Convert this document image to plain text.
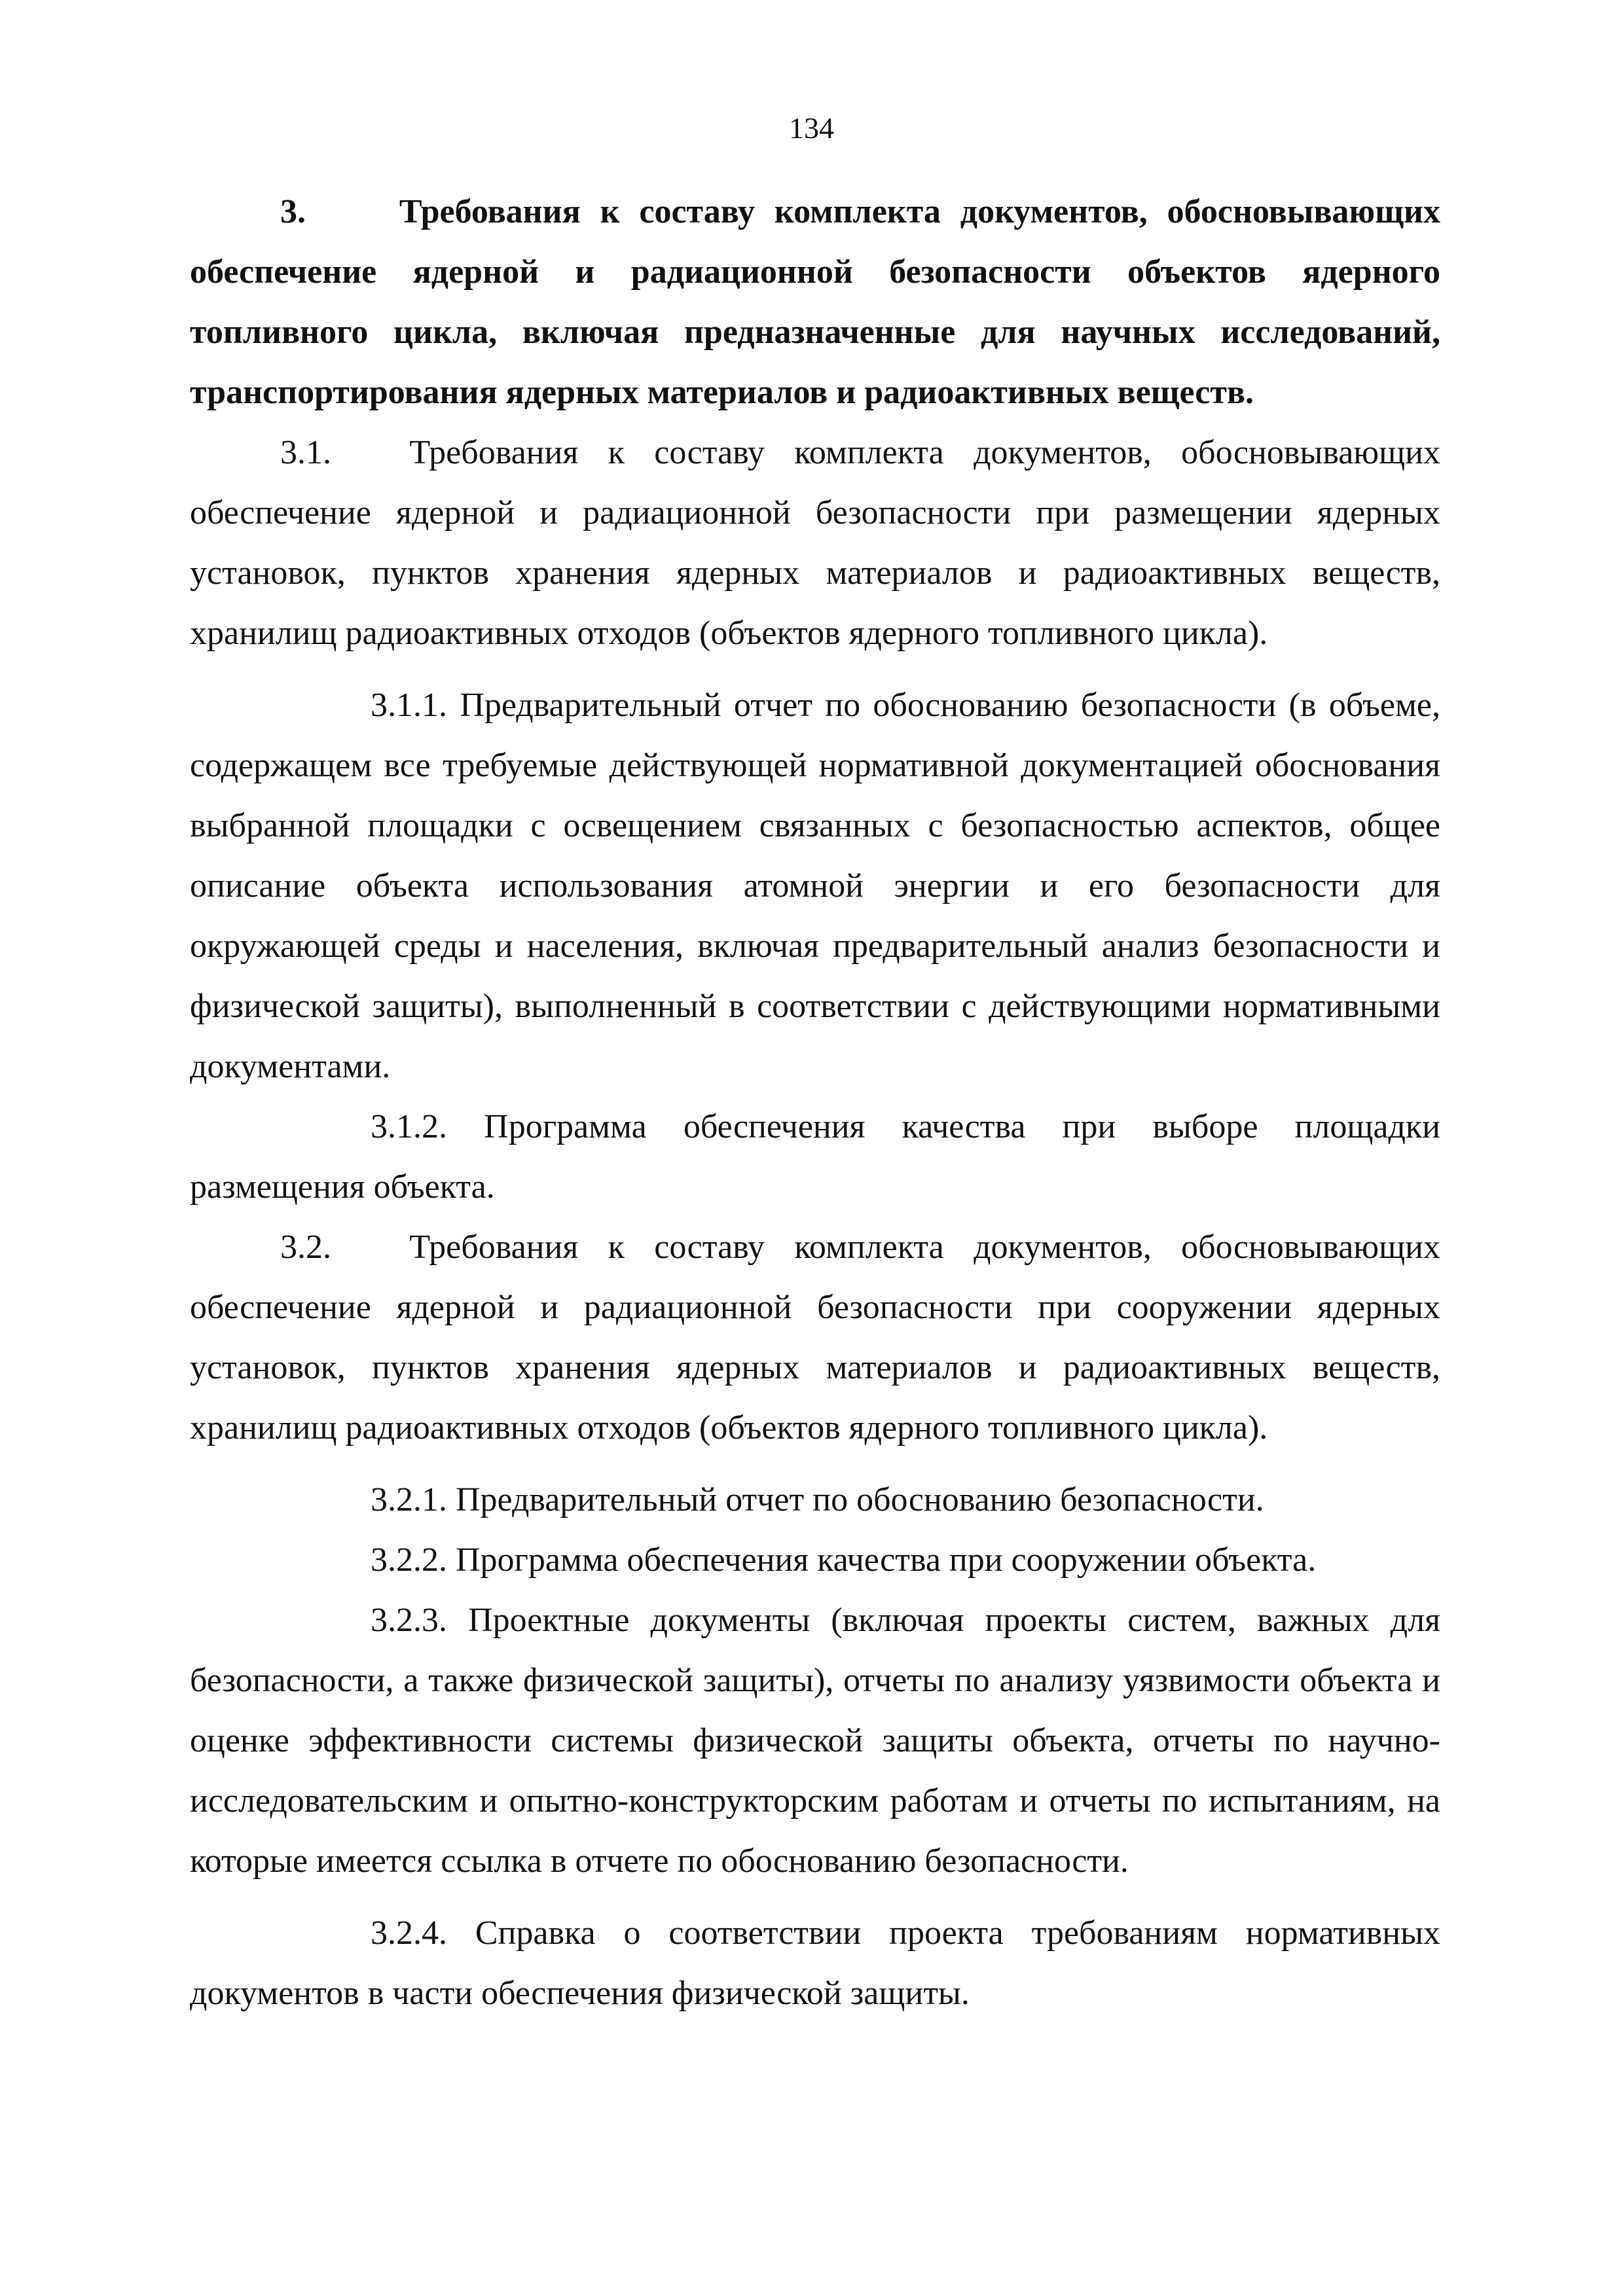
134

3.	Требования к составу комплекта документов, обосновывающих обеспечение ядерной и радиационной безопасности объектов ядерного топливного цикла, включая предназначенные для научных исследований, транспортирования ядерных материалов и радиоактивных веществ.

3.1. Требования к составу комплекта документов, обосновывающих обеспечение ядерной и радиационной безопасности при размещении ядерных установок, пунктов хранения ядерных материалов и радиоактивных веществ, хранилищ радиоактивных отходов (объектов ядерного топливного цикла).

3.1.1. Предварительный отчет по обоснованию безопасности (в объеме, содержащем все требуемые действующей нормативной документацией обоснования выбранной площадки с освещением связанных с безопасностью аспектов, общее описание объекта использования атомной энергии и его безопасности для окружающей среды и населения, включая предварительный анализ безопасности и физической защиты), выполненный в соответствии с действующими нормативными документами.

3.1.2. Программа обеспечения качества при выборе площадки размещения объекта.

3.2. Требования к составу комплекта документов, обосновывающих обеспечение ядерной и радиационной безопасности при сооружении ядерных установок, пунктов хранения ядерных материалов и радиоактивных веществ, хранилищ радиоактивных отходов (объектов ядерного топливного цикла).

3.2.1. Предварительный отчет по обоснованию безопасности.

3.2.2. Программа обеспечения качества при сооружении объекта.

3.2.3. Проектные документы (включая проекты систем, важных для безопасности, а также физической защиты), отчеты по анализу уязвимости объекта и оценке эффективности системы физической защиты объекта, отчеты по научно-исследовательским и опытно-конструкторским работам и отчеты по испытаниям, на которые имеется ссылка в отчете по обоснованию безопасности.

3.2.4. Справка о соответствии проекта требованиям нормативных документов в части обеспечения физической защиты.
